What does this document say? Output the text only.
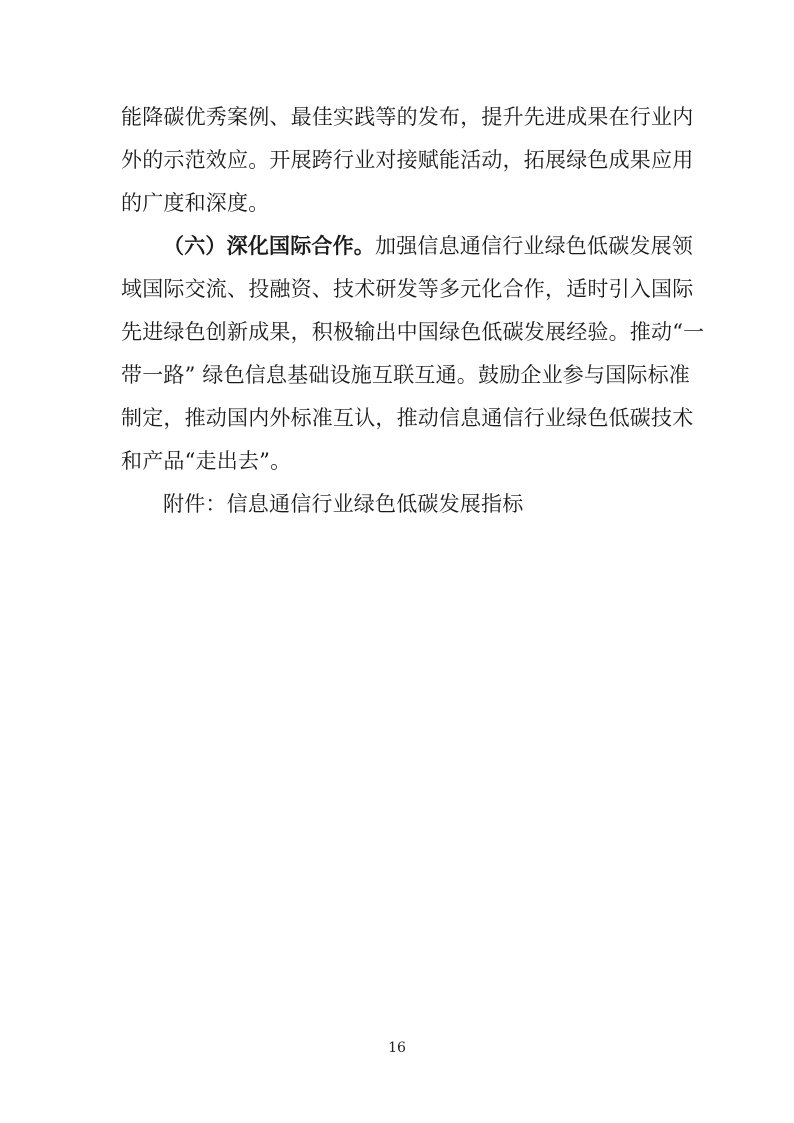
能降碳优秀案例、最佳实践等的发布，提升先进成果在行业内
外的示范效应。开展跨行业对接赋能活动，拓展绿色成果应用
的广度和深度。
（六）深化国际合作。加强信息通信行业绿色低碳发展领
域国际交流、投融资、技术研发等多元化合作，适时引入国际
先进绿色创新成果，积极输出中国绿色低碳发展经验。推动“一
带一路” 绿色信息基础设施互联互通。鼓励企业参与国际标准
制定，推动国内外标准互认，推动信息通信行业绿色低碳技术
和产品“走出去”。
附件：信息通信行业绿色低碳发展指标
16
